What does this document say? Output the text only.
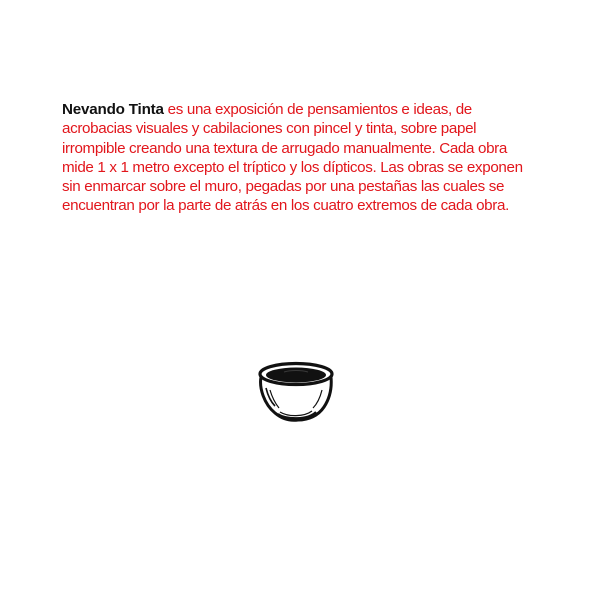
Nevando Tinta es una exposición de pensamientos e ideas, de acrobacias visuales y cabilaciones con pincel y tinta, sobre papel irrompible creando una textura de arrugado manualmente. Cada obra mide 1 x 1 metro excepto el tríptico y los dípticos. Las obras se exponen sin enmarcar sobre el muro, pegadas por una pestañas las cuales se encuentran por la parte de atrás en los cuatro extremos de cada obra.
